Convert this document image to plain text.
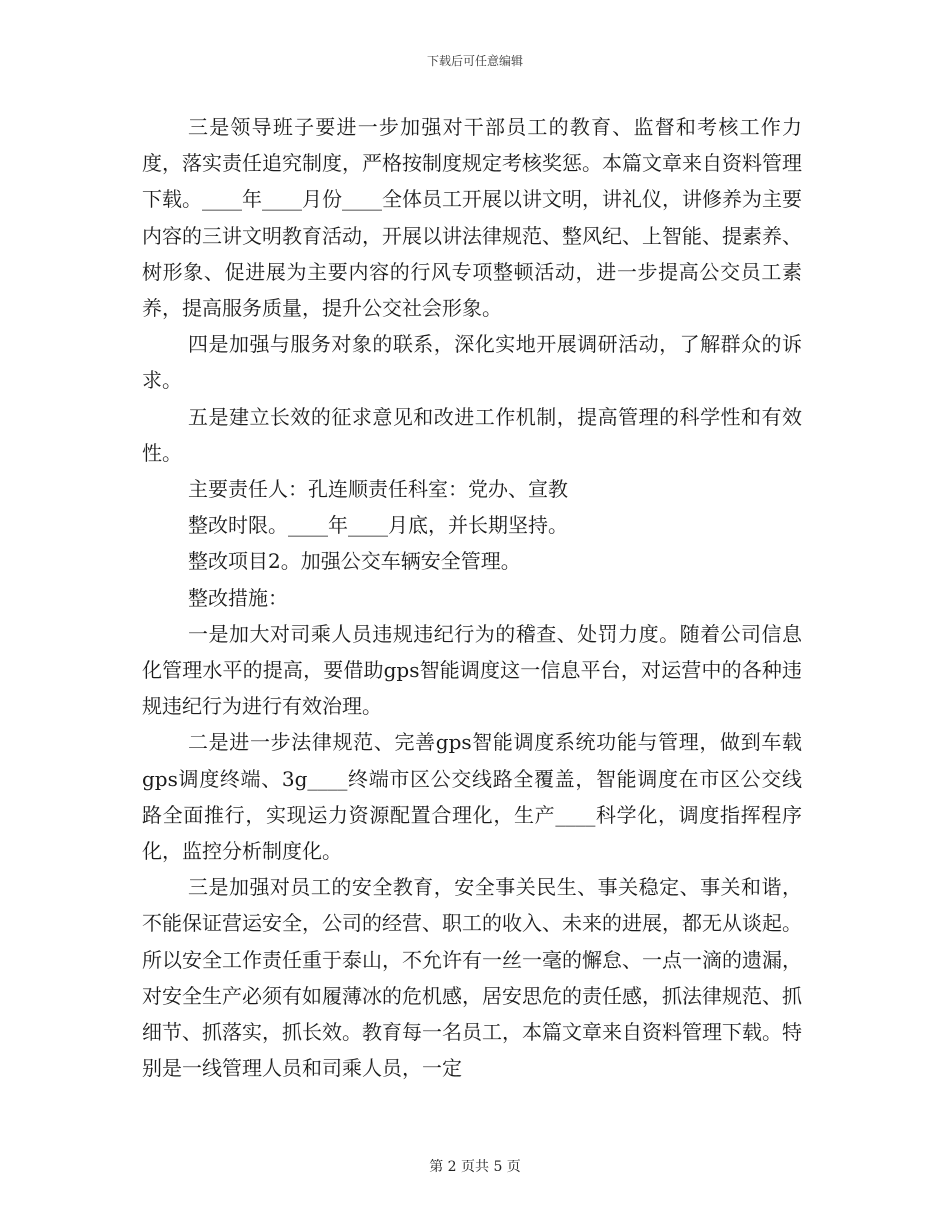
下载后可任意编辑

三是领导班子要进一步加强对干部员工的教育、监督和考核工作力度，落实责任追究制度，严格按制度规定考核奖惩。本篇文章来自资料管理下载。____年____月份____全体员工开展以讲文明，讲礼仪，讲修养为主要内容的三讲文明教育活动，开展以讲法律规范、整风纪、上智能、提素养、树形象、促进展为主要内容的行风专项整顿活动，进一步提高公交员工素养，提高服务质量，提升公交社会形象。

四是加强与服务对象的联系，深化实地开展调研活动，了解群众的诉求。

五是建立长效的征求意见和改进工作机制，提高管理的科学性和有效性。

主要责任人：孔连顺责任科室：党办、宣教

整改时限。____年____月底，并长期坚持。

整改项目2。加强公交车辆安全管理。

整改措施：

一是加大对司乘人员违规违纪行为的稽查、处罚力度。随着公司信息化管理水平的提高，要借助gps智能调度这一信息平台，对运营中的各种违规违纪行为进行有效治理。

二是进一步法律规范、完善gps智能调度系统功能与管理，做到车载gps调度终端、3g____终端市区公交线路全覆盖，智能调度在市区公交线路全面推行，实现运力资源配置合理化，生产____科学化，调度指挥程序化，监控分析制度化。

三是加强对员工的安全教育，安全事关民生、事关稳定、事关和谐，不能保证营运安全，公司的经营、职工的收入、未来的进展，都无从谈起。所以安全工作责任重于泰山，不允许有一丝一毫的懈怠、一点一滴的遗漏，对安全生产必须有如履薄冰的危机感，居安思危的责任感，抓法律规范、抓细节、抓落实，抓长效。教育每一名员工，本篇文章来自资料管理下载。特别是一线管理人员和司乘人员，一定

第 2 页共 5 页
